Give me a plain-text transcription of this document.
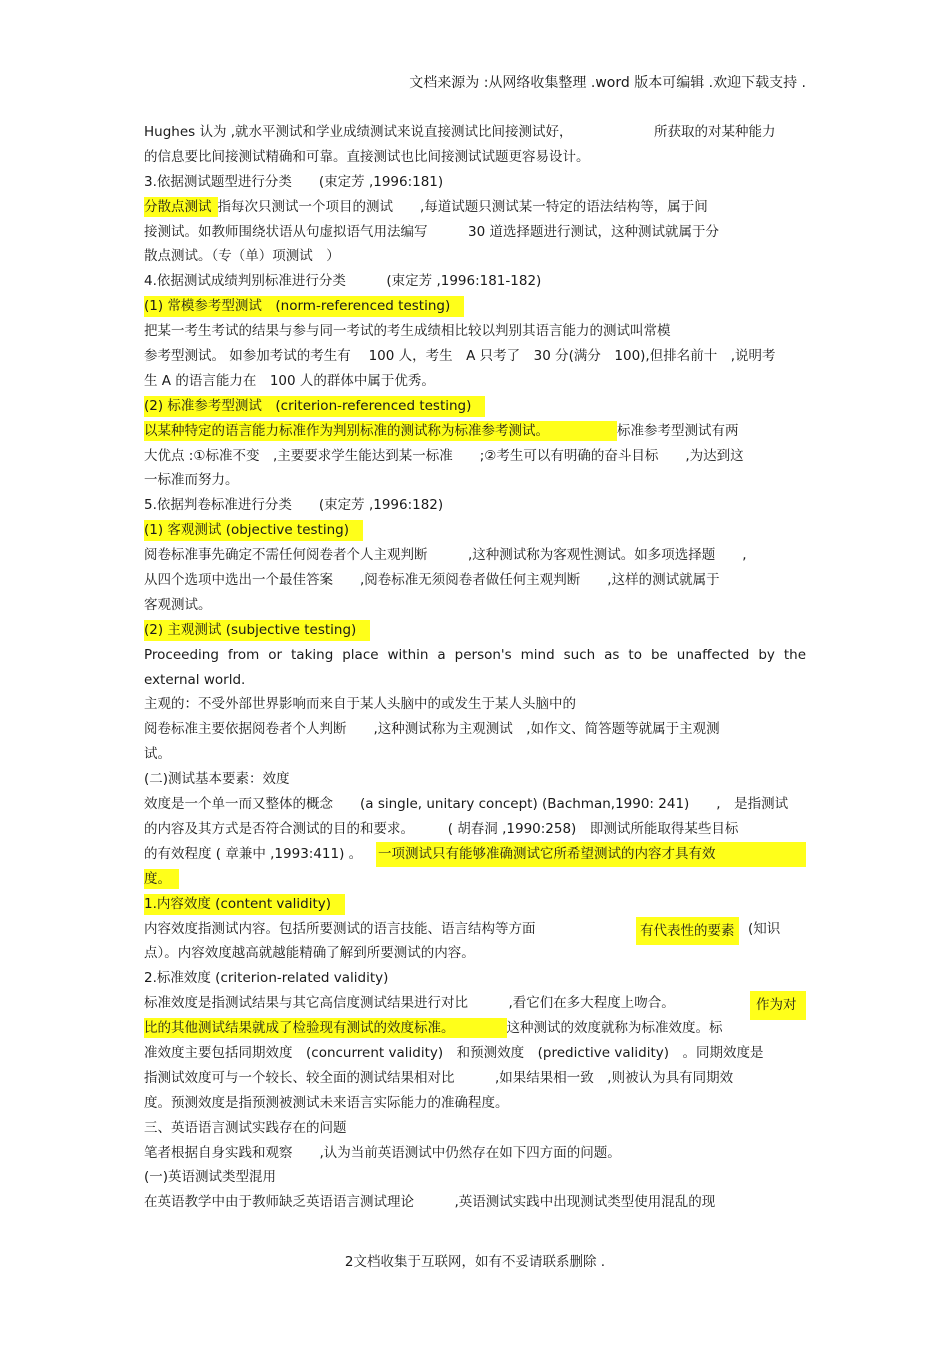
文档来源为 :从网络收集整理 .word 版本可编辑 .欢迎下载支持 .
Hughes 认为 ,就水平测试和学业成绩测试来说直接测试比间接测试好，	所获取的对某种能力
的信息要比间接测试精确和可靠。直接测试也比间接测试试题更容易设计。
3.依据测试题型进行分类　　(束定芳 ,1996:181)
分散点测试 指每次只测试一个项目的测试　　,每道试题只测试某一特定的语法结构等，属于间
接测试。如教师围绕状语从句虚拟语气用法编写　　　30 道选择题进行测试，这种测试就属于分
散点测试。（专（单）项测试　）
4.依据测试成绩判别标准进行分类　　　(束定芳 ,1996:181-182)
(1) 常模参考型测试　(norm-referenced testing)
把某一考生考试的结果与参与同一考试的考生成绩相比较以判别其语言能力的测试叫常模
参考型测试。 如参加考试的考生有　 100 人，考生　A 只考了　30 分(满分　100),但排名前十　,说明考
生 A 的语言能力在　100 人的群体中属于优秀。
(2) 标准参考型测试　(criterion-referenced testing)
以某种特定的语言能力标准作为判别标准的测试称为标准参考测试。	标准参考型测试有两
大优点 :①标准不变　,主要要求学生能达到某一标准　　;②考生可以有明确的奋斗目标　　,为达到这
一标准而努力。
5.依据判卷标准进行分类　　(束定芳 ,1996:182)
(1) 客观测试 (objective testing)
阅卷标准事先确定不需任何阅卷者个人主观判断　　　,这种测试称为客观性测试。如多项选择题　　,
从四个选项中选出一个最佳答案　　,阅卷标准无须阅卷者做任何主观判断　　,这样的测试就属于
客观测试。
(2) 主观测试 (subjective testing)
Proceeding from or taking place within a person's mind such as to be unaffected by the
external world.
主观的：不受外部世界影响而来自于某人头脑中的或发生于某人头脑中的
阅卷标准主要依据阅卷者个人判断　　,这种测试称为主观测试　,如作文、简答题等就属于主观测
试。
(二)测试基本要素：效度
效度是一个单一而又整体的概念　　(a single, unitary concept) (Bachman,1990: 241)　　,　是指测试
的内容及其方式是否符合测试的目的和要求。　　　( 胡春洞 ,1990:258)　即测试所能取得某些目标
的有效程度 ( 章兼中 ,1993:411) 。 一项测试只有能够准确测试它所希望测试的内容才具有效
度。
1.内容效度 (content validity)
内容效度指测试内容。包括所要测试的语言技能、语言结构等方面	有代表性的要素 (知识
点）。内容效度越高就越能精确了解到所要测试的内容。
2.标准效度 (criterion-related validity)
标准效度是指测试结果与其它高信度测试结果进行对比　　　,看它们在多大程度上吻合。	作为对
比的其他测试结果就成了检验现有测试的效度标准。	这种测试的效度就称为标准效度。标
准效度主要包括同期效度　(concurrent validity)　和预测效度　(predictive validity)　。同期效度是
指测试效度可与一个较长、较全面的测试结果相对比　　　,如果结果相一致　,则被认为具有同期效
度。预测效度是指预测被测试未来语言实际能力的准确程度。
三、英语语言测试实践存在的问题
笔者根据自身实践和观察　　,认为当前英语测试中仍然存在如下四方面的问题。
(一)英语测试类型混用
在英语教学中由于教师缺乏英语语言测试理论　　　,英语测试实践中出现测试类型使用混乱的现
2文档收集于互联网，如有不妥请联系删除 .
